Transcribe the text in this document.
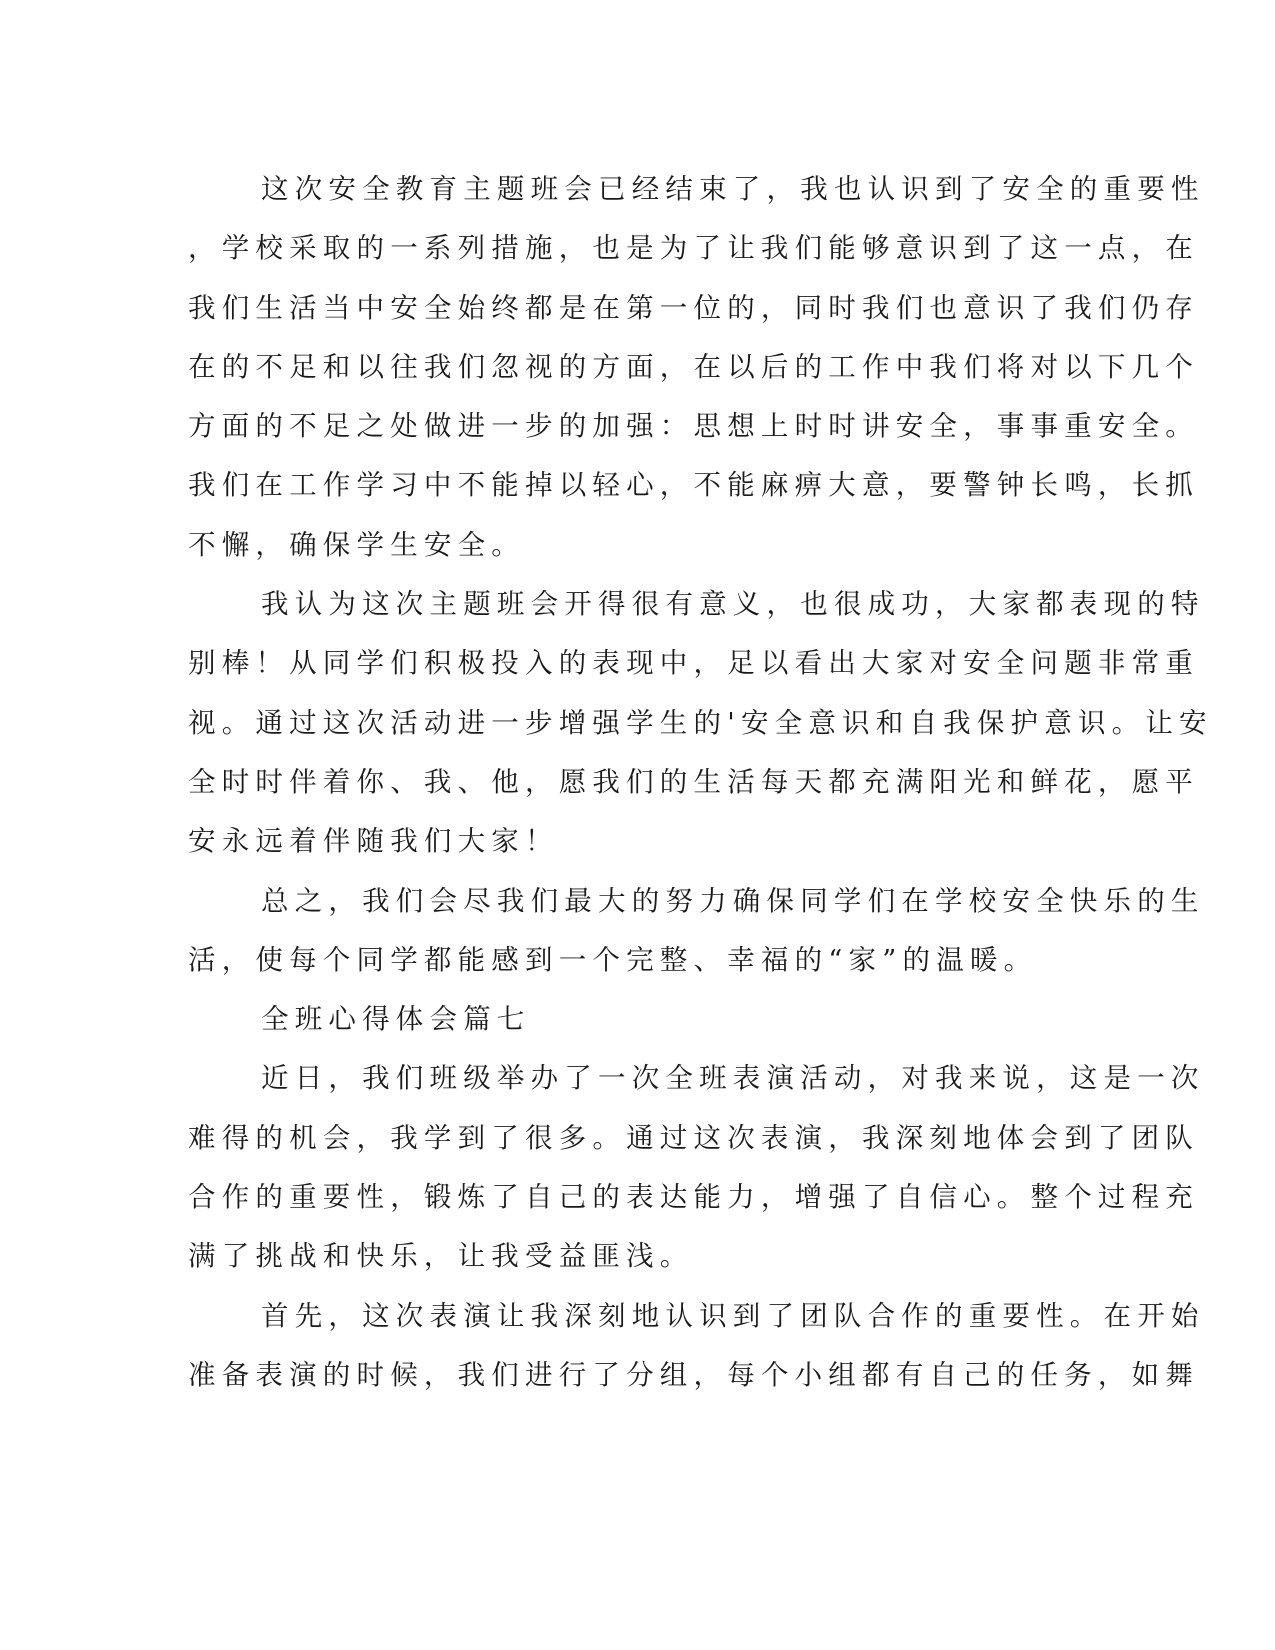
这次安全教育主题班会已经结束了，我也认识到了安全的重要性
，学校采取的一系列措施，也是为了让我们能够意识到了这一点，在
我们生活当中安全始终都是在第一位的，同时我们也意识了我们仍存
在的不足和以往我们忽视的方面，在以后的工作中我们将对以下几个
方面的不足之处做进一步的加强：思想上时时讲安全，事事重安全。
我们在工作学习中不能掉以轻心，不能麻痹大意，要警钟长鸣，长抓
不懈，确保学生安全。

我认为这次主题班会开得很有意义，也很成功，大家都表现的特
别棒！从同学们积极投入的表现中，足以看出大家对安全问题非常重
视。通过这次活动进一步增强学生的'安全意识和自我保护意识。让安
全时时伴着你、我、他，愿我们的生活每天都充满阳光和鲜花，愿平
安永远着伴随我们大家！

总之，我们会尽我们最大的努力确保同学们在学校安全快乐的生
活，使每个同学都能感到一个完整、幸福的“家”的温暖。

全班心得体会篇七

近日，我们班级举办了一次全班表演活动，对我来说，这是一次
难得的机会，我学到了很多。通过这次表演，我深刻地体会到了团队
合作的重要性，锻炼了自己的表达能力，增强了自信心。整个过程充
满了挑战和快乐，让我受益匪浅。

首先，这次表演让我深刻地认识到了团队合作的重要性。在开始
准备表演的时候，我们进行了分组，每个小组都有自己的任务，如舞
